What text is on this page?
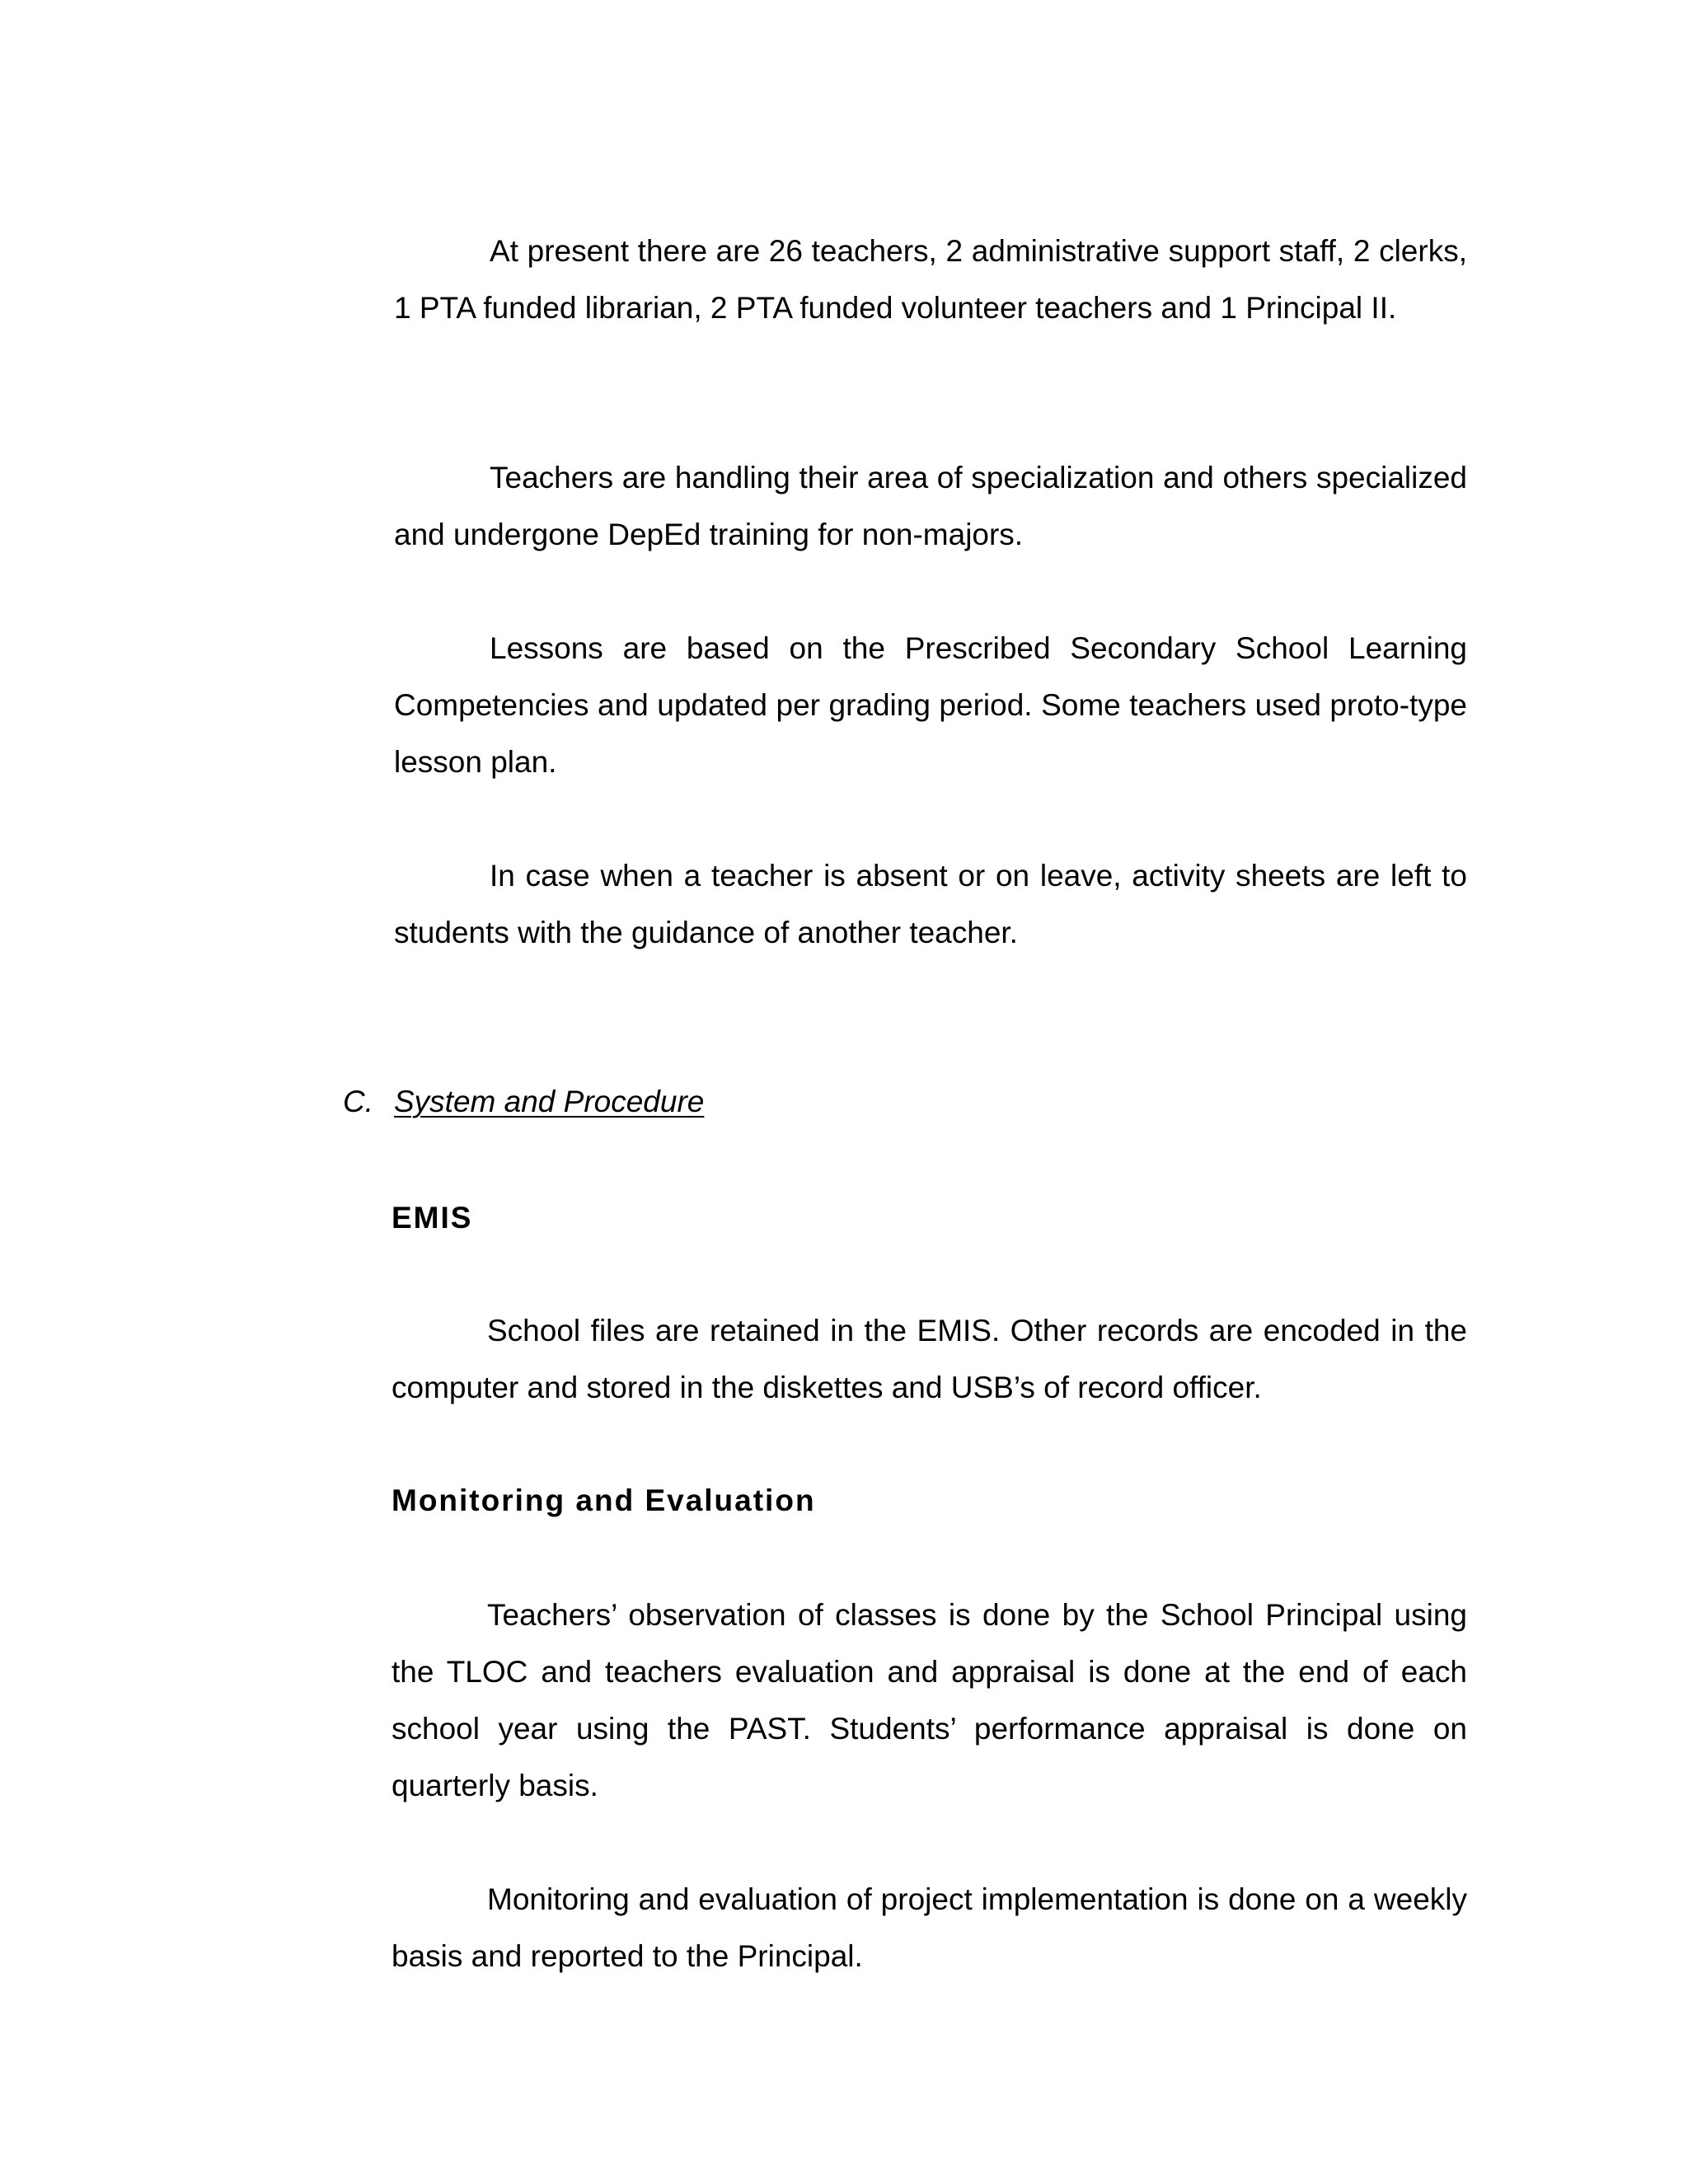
At present there are 26 teachers, 2 administrative support staff, 2 clerks, 1 PTA funded librarian, 2 PTA funded volunteer teachers and 1 Principal II.

Teachers are handling their area of specialization and others specialized and undergone DepEd training for non-majors.

Lessons are based on the Prescribed Secondary School Learning Competencies and updated per grading period. Some teachers used proto-type lesson plan.

In case when a teacher is absent or on leave, activity sheets are left to students with the guidance of another teacher.

C. System and Procedure
EMIS

School files are retained in the EMIS. Other records are encoded in the computer and stored in the diskettes and USB’s of record officer.

Monitoring and Evaluation

Teachers’ observation of classes is done by the School Principal using the TLOC and teachers evaluation and appraisal is done at the end of each school year using the PAST. Students’ performance appraisal is done on quarterly basis.

Monitoring and evaluation of project implementation is done on a weekly basis and reported to the Principal.
